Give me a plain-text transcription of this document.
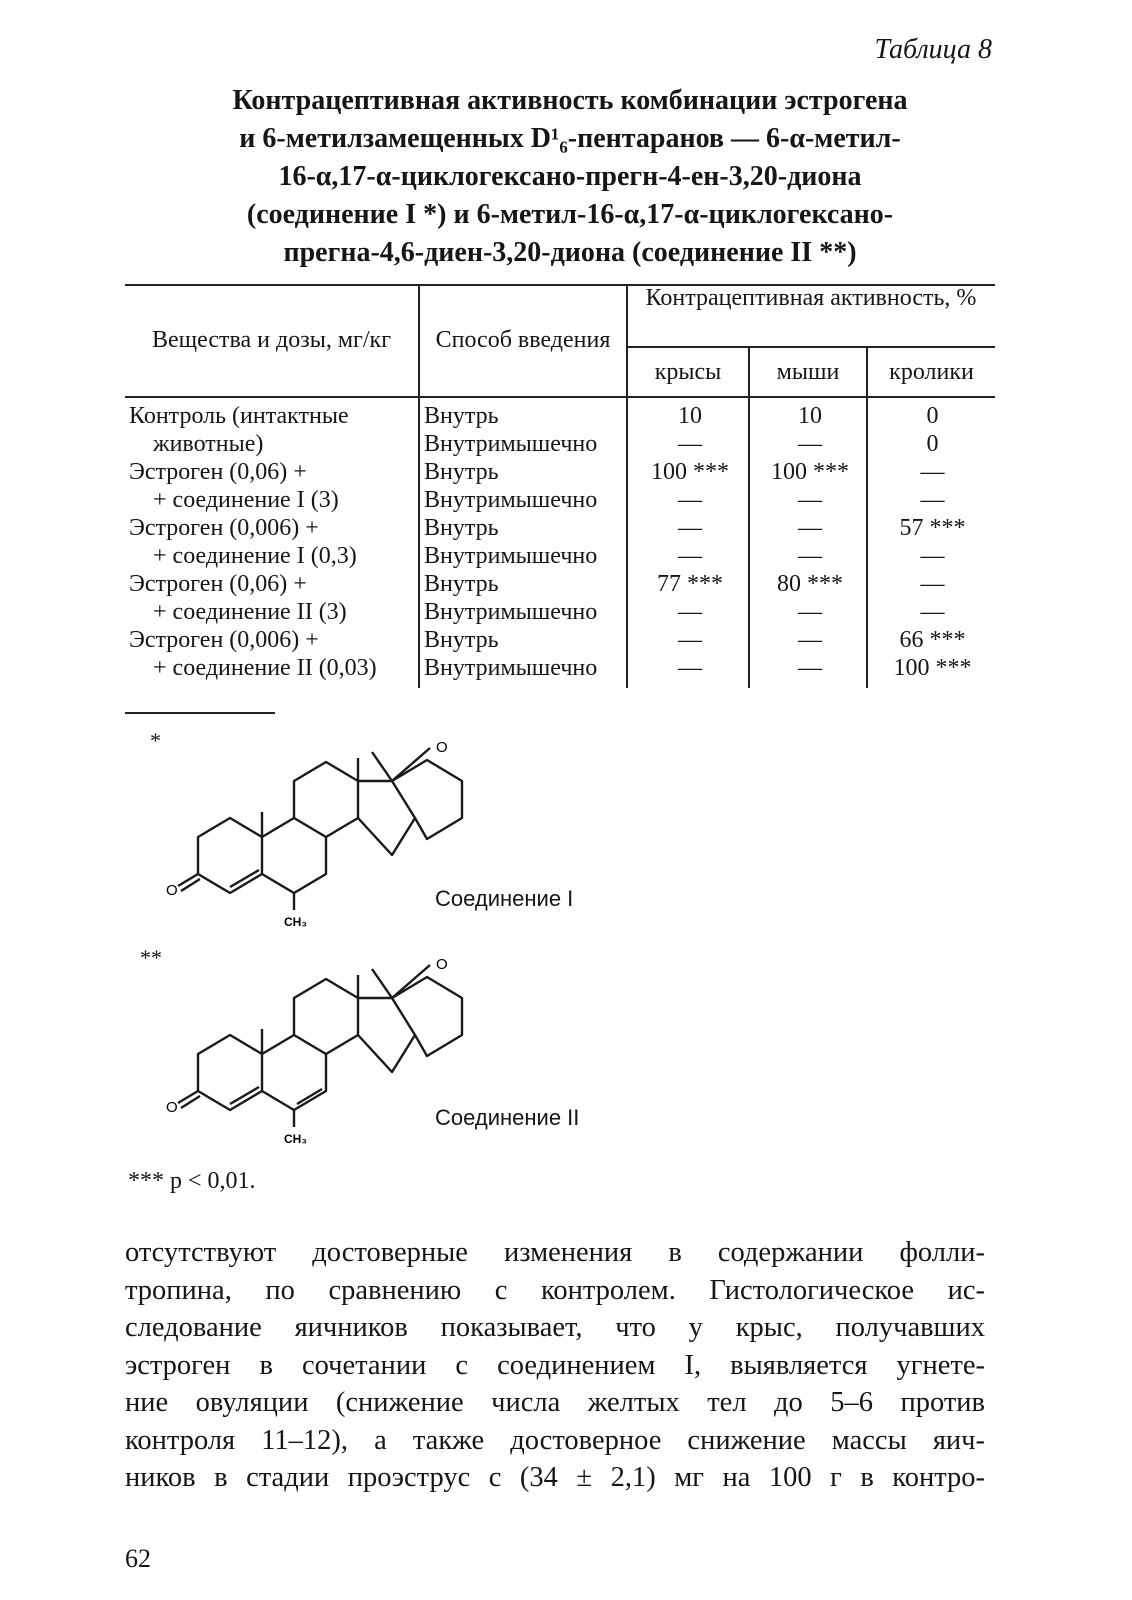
Таблица 8
Контрацептивная активность комбинации эстрогена
и 6-метилзамещенных D¹₆-пентаранов — 6-α-метил-
16-α,17-α-циклогексано-прегн-4-ен-3,20-диона
(соединение I *) и 6-метил-16-α,17-α-циклогексано-
прегна-4,6-диен-3,20-диона (соединение II **)
Вещества и дозы, мг/кг	Способ введения
Контрацептивная активность, %
крысы	мыши	кролики
Контроль (интактные	Внутрь	10	10	0
животные)	Внутримышечно	—	—	0
Эстроген (0,06) +	Внутрь	100 ***	100 ***	—
+ соединение I (3)	Внутримышечно	—	—	—
Эстроген (0,006) +	Внутрь	—	—	57 ***
+ соединение I (0,3)	Внутримышечно	—	—	—
Эстроген (0,06) +	Внутрь	77 ***	80 ***	—
+ соединение II (3)	Внутримышечно	—	—	—
Эстроген (0,006) +	Внутрь	—	—	66 ***
+ соединение II (0,03) Внутримышечно	—	—	100 ***
*	O
O
CH₃
Соединение I
**	O
O
CH₃
Соединение II
*** p < 0,01.
отсутствуют достоверные изменения в содержании фолли-
тропина, по сравнению с контролем. Гистологическое ис-
следование яичников показывает, что у крыс, получавших
эстроген в сочетании с соединением I, выявляется угнете-
ние овуляции (снижение числа желтых тел до 5–6 против
контроля 11–12), а также достоверное снижение массы яич-
ников в стадии проэструс с (34 ± 2,1) мг на 100 г в контро-
62
